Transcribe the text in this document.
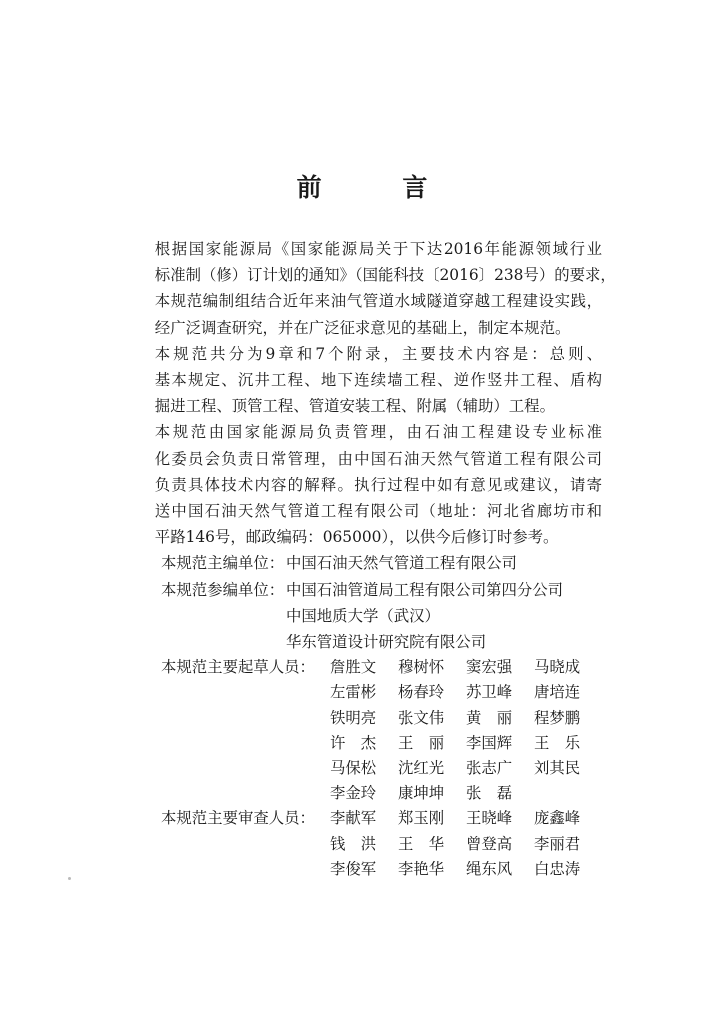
前 言
根据国家能源局《国家能源局关于下达2016年能源领域行业
标准制（修）订计划的通知》（国能科技〔2016〕238号）的要求，
本规范编制组结合近年来油气管道水域隧道穿越工程建设实践，
经广泛调查研究，并在广泛征求意见的基础上，制定本规范。
本规范共分为9章和7个附录，主要技术内容是：总则、
基本规定、沉井工程、地下连续墙工程、逆作竖井工程、盾构
掘进工程、顶管工程、管道安装工程、附属（辅助）工程。
本规范由国家能源局负责管理，由石油工程建设专业标准
化委员会负责日常管理，由中国石油天然气管道工程有限公司
负责具体技术内容的解释。执行过程中如有意见或建议，请寄
送中国石油天然气管道工程有限公司（地址：河北省廊坊市和
平路146号，邮政编码：065000），以供今后修订时参考。
本规范主编单位： 中国石油天然气管道工程有限公司
本规范参编单位： 中国石油管道局工程有限公司第四分公司
中国地质大学（武汉）
华东管道设计研究院有限公司
本规范主要起草人员： 詹胜文	穆树怀	窦宏强	马晓成
左雷彬	杨春玲	苏卫峰	唐培连
铁明亮	张文伟	黄　丽	程梦鹏
许　杰	王　丽	李国辉	王　乐
马保松	沈红光	张志广	刘其民
李金玲	康坤坤	张　磊
本规范主要审查人员： 李献军	郑玉刚	王晓峰	庞鑫峰
钱　洪	王　华	曾登高	李丽君
李俊军	李艳华	绳东风	白忠涛
